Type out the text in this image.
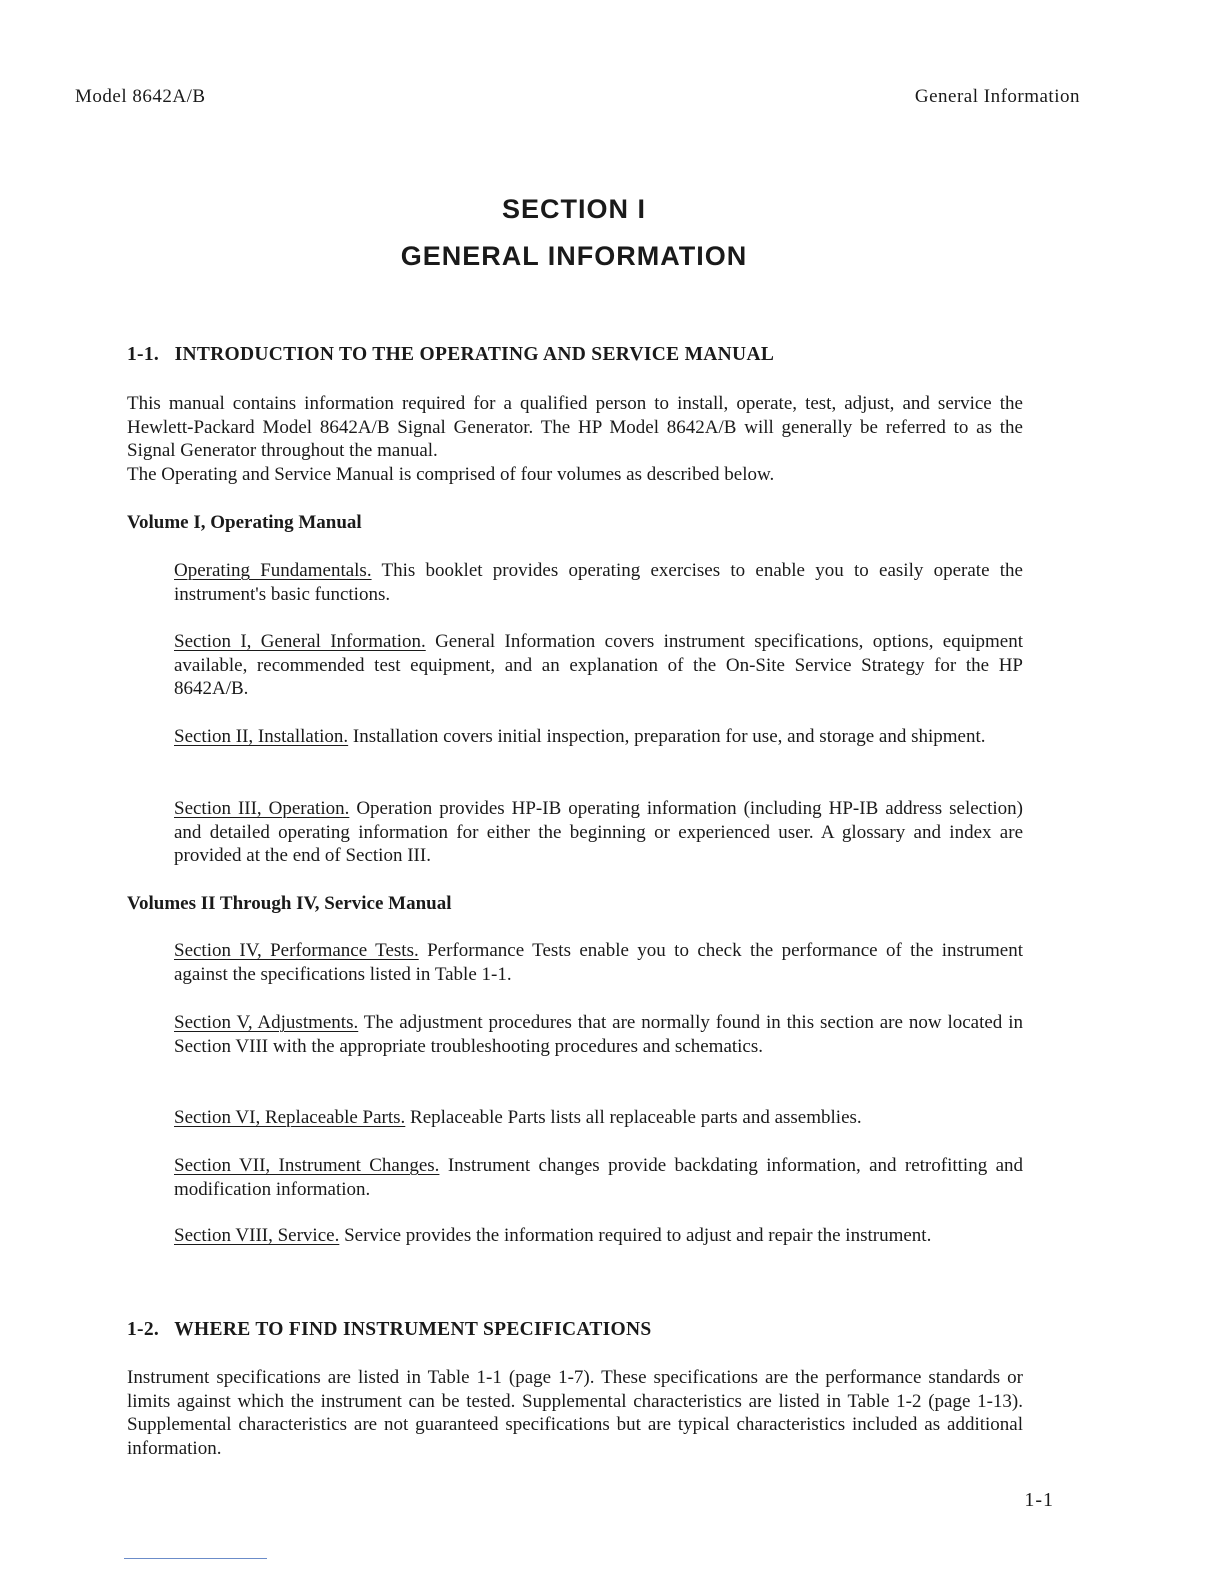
Model 8642A/B	General Information
SECTION I
GENERAL INFORMATION
1-1.   INTRODUCTION TO THE OPERATING AND SERVICE MANUAL
This manual contains information required for a qualified person to install, operate, test, adjust, and service the Hewlett-Packard Model 8642A/B Signal Generator. The HP Model 8642A/B will generally be referred to as the Signal Generator throughout the manual.
The Operating and Service Manual is comprised of four volumes as described below.
Volume I, Operating Manual
Operating Fundamentals. This booklet provides operating exercises to enable you to easily operate the instrument's basic functions.
Section I, General Information. General Information covers instrument specifications, options, equipment available, recommended test equipment, and an explanation of the On-Site Service Strategy for the HP 8642A/B.
Section II, Installation. Installation covers initial inspection, preparation for use, and storage and shipment.
Section III, Operation. Operation provides HP-IB operating information (including HP-IB address selection) and detailed operating information for either the beginning or experienced user. A glossary and index are provided at the end of Section III.
Volumes II Through IV, Service Manual
Section IV, Performance Tests. Performance Tests enable you to check the performance of the instrument against the specifications listed in Table 1-1.
Section V, Adjustments. The adjustment procedures that are normally found in this section are now located in Section VIII with the appropriate troubleshooting procedures and schematics.
Section VI, Replaceable Parts. Replaceable Parts lists all replaceable parts and assemblies.
Section VII, Instrument Changes. Instrument changes provide backdating information, and retrofitting and modification information.
Section VIII, Service. Service provides the information required to adjust and repair the instrument.
1-2.   WHERE TO FIND INSTRUMENT SPECIFICATIONS
Instrument specifications are listed in Table 1-1 (page 1-7). These specifications are the performance standards or limits against which the instrument can be tested. Supplemental characteristics are listed in Table 1-2 (page 1-13). Supplemental characteristics are not guaranteed specifications but are typical characteristics included as additional information.
1-1
